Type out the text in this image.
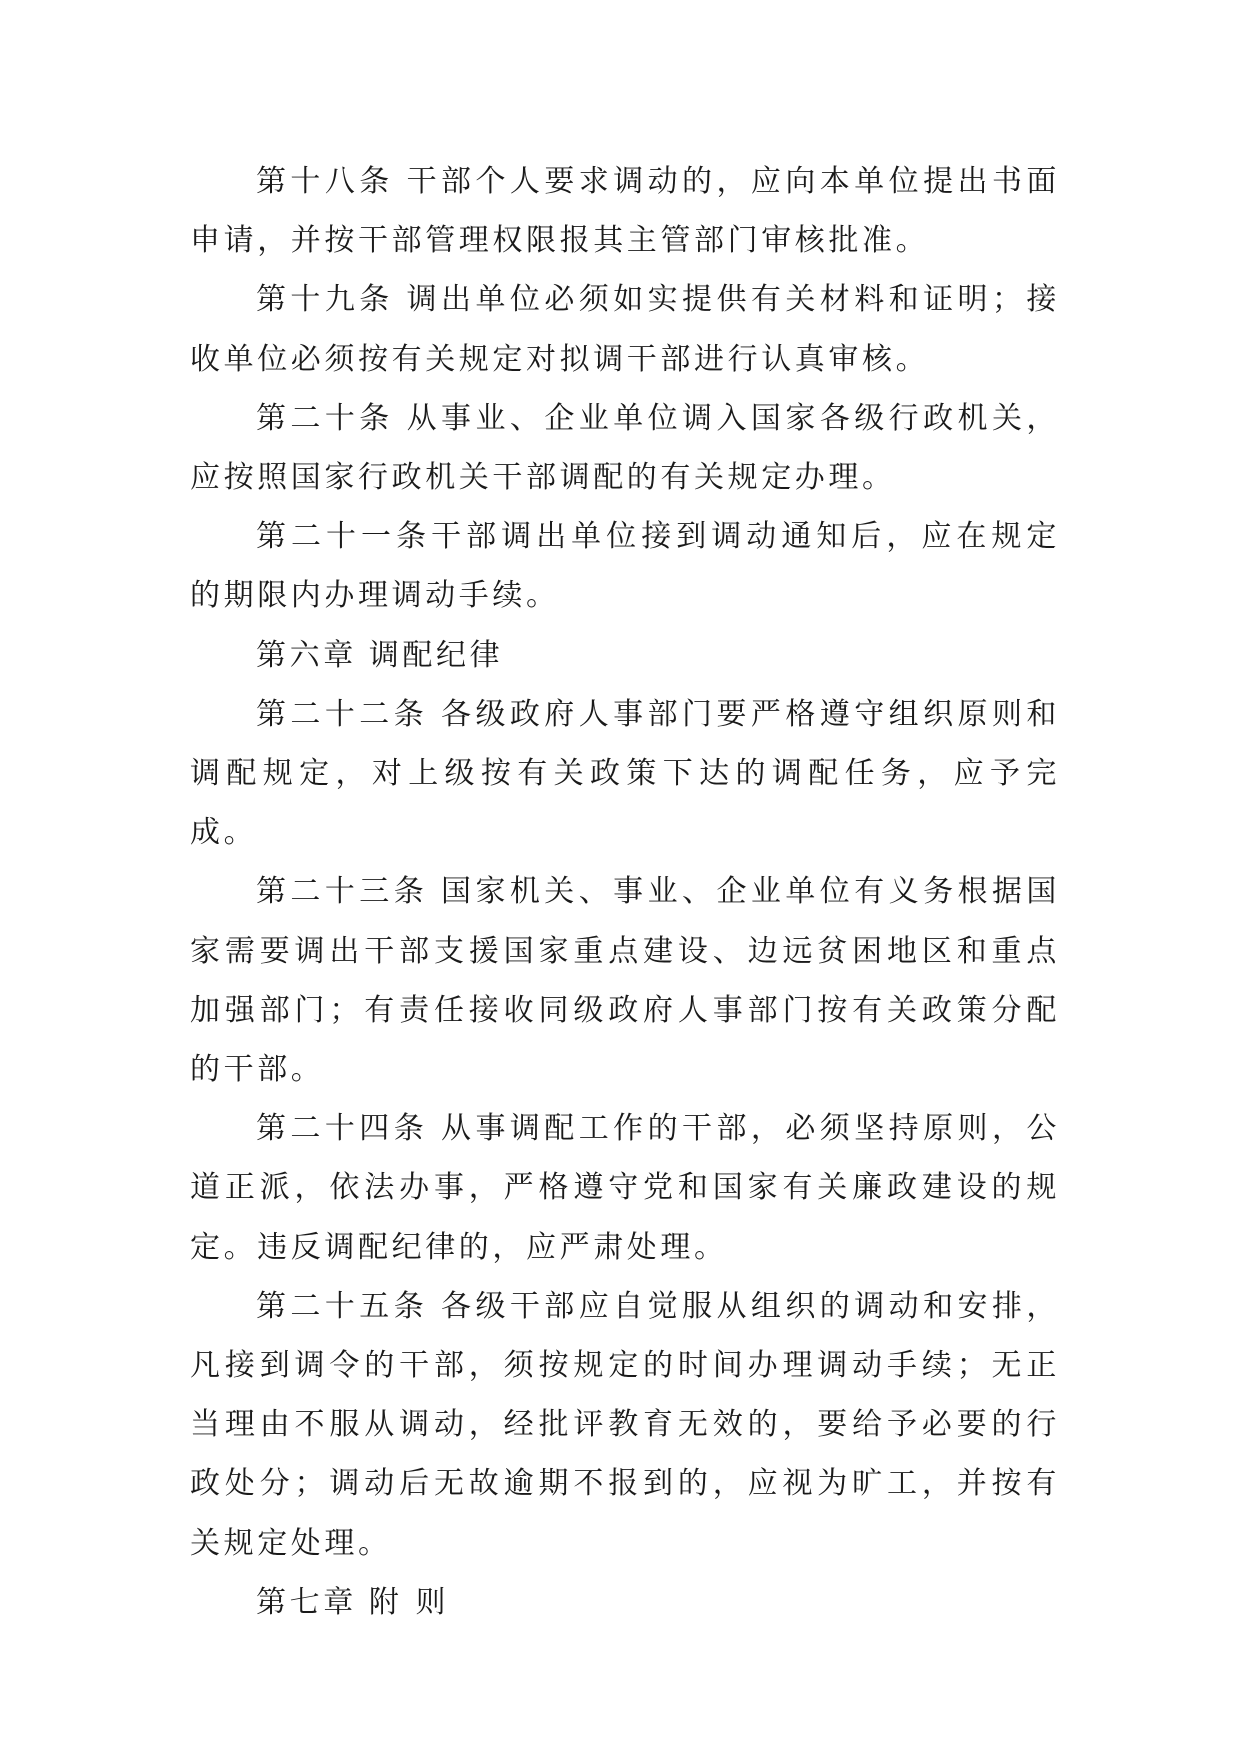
第十八条 干部个人要求调动的，应向本单位提出书面申请，并按干部管理权限报其主管部门审核批准。

第十九条 调出单位必须如实提供有关材料和证明；接收单位必须按有关规定对拟调干部进行认真审核。

第二十条 从事业、企业单位调入国家各级行政机关，应按照国家行政机关干部调配的有关规定办理。

第二十一条干部调出单位接到调动通知后，应在规定的期限内办理调动手续。

第六章 调配纪律

第二十二条 各级政府人事部门要严格遵守组织原则和调配规定，对上级按有关政策下达的调配任务，应予完成。

第二十三条 国家机关、事业、企业单位有义务根据国家需要调出干部支援国家重点建设、边远贫困地区和重点加强部门；有责任接收同级政府人事部门按有关政策分配的干部。

第二十四条 从事调配工作的干部，必须坚持原则，公道正派，依法办事，严格遵守党和国家有关廉政建设的规定。违反调配纪律的，应严肃处理。

第二十五条 各级干部应自觉服从组织的调动和安排，凡接到调令的干部，须按规定的时间办理调动手续；无正当理由不服从调动，经批评教育无效的，要给予必要的行政处分；调动后无故逾期不报到的，应视为旷工，并按有关规定处理。

第七章 附 则
